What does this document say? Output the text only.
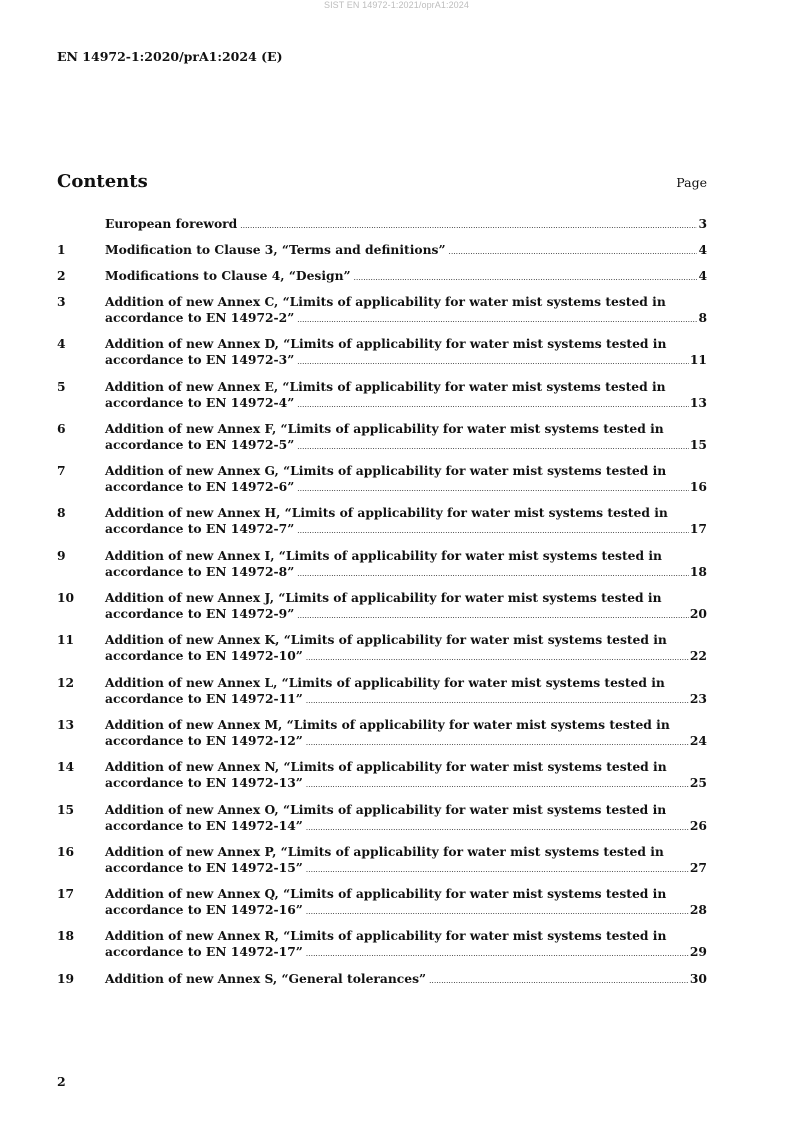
SIST EN 14972-1:2021/oprA1:2024
EN 14972-1:2020/prA1:2024 (E)
Contents	Page
European foreword .....	3
1	Modification to Clause 3, “Terms and definitions” .....	4
2	Modifications to Clause 4, “Design” .....	4
3	Addition of new Annex C, “Limits of applicability for water mist systems tested in
accordance to EN 14972-2” .....	8
4	Addition of new Annex D, “Limits of applicability for water mist systems tested in
accordance to EN 14972-3” .....	11
5	Addition of new Annex E, “Limits of applicability for water mist systems tested in
accordance to EN 14972-4” .....	13
6	Addition of new Annex F, “Limits of applicability for water mist systems tested in
accordance to EN 14972-5” .....	15
7	Addition of new Annex G, “Limits of applicability for water mist systems tested in
accordance to EN 14972-6” .....	16
8	Addition of new Annex H, “Limits of applicability for water mist systems tested in
accordance to EN 14972-7” .....	17
9	Addition of new Annex I, “Limits of applicability for water mist systems tested in
accordance to EN 14972-8” .....	18
10	Addition of new Annex J, “Limits of applicability for water mist systems tested in
accordance to EN 14972-9” .....	20
11	Addition of new Annex K, “Limits of applicability for water mist systems tested in
accordance to EN 14972-10” .....	22
12	Addition of new Annex L, “Limits of applicability for water mist systems tested in
accordance to EN 14972-11” .....	23
13	Addition of new Annex M, “Limits of applicability for water mist systems tested in
accordance to EN 14972-12” .....	24
14	Addition of new Annex N, “Limits of applicability for water mist systems tested in
accordance to EN 14972-13” .....	25
15	Addition of new Annex O, “Limits of applicability for water mist systems tested in
accordance to EN 14972-14” .....	26
16	Addition of new Annex P, “Limits of applicability for water mist systems tested in
accordance to EN 14972-15” .....	27
17	Addition of new Annex Q, “Limits of applicability for water mist systems tested in
accordance to EN 14972-16” .....	28
18	Addition of new Annex R, “Limits of applicability for water mist systems tested in
accordance to EN 14972-17” .....	29
19	Addition of new Annex S, “General tolerances” .....	30
2
